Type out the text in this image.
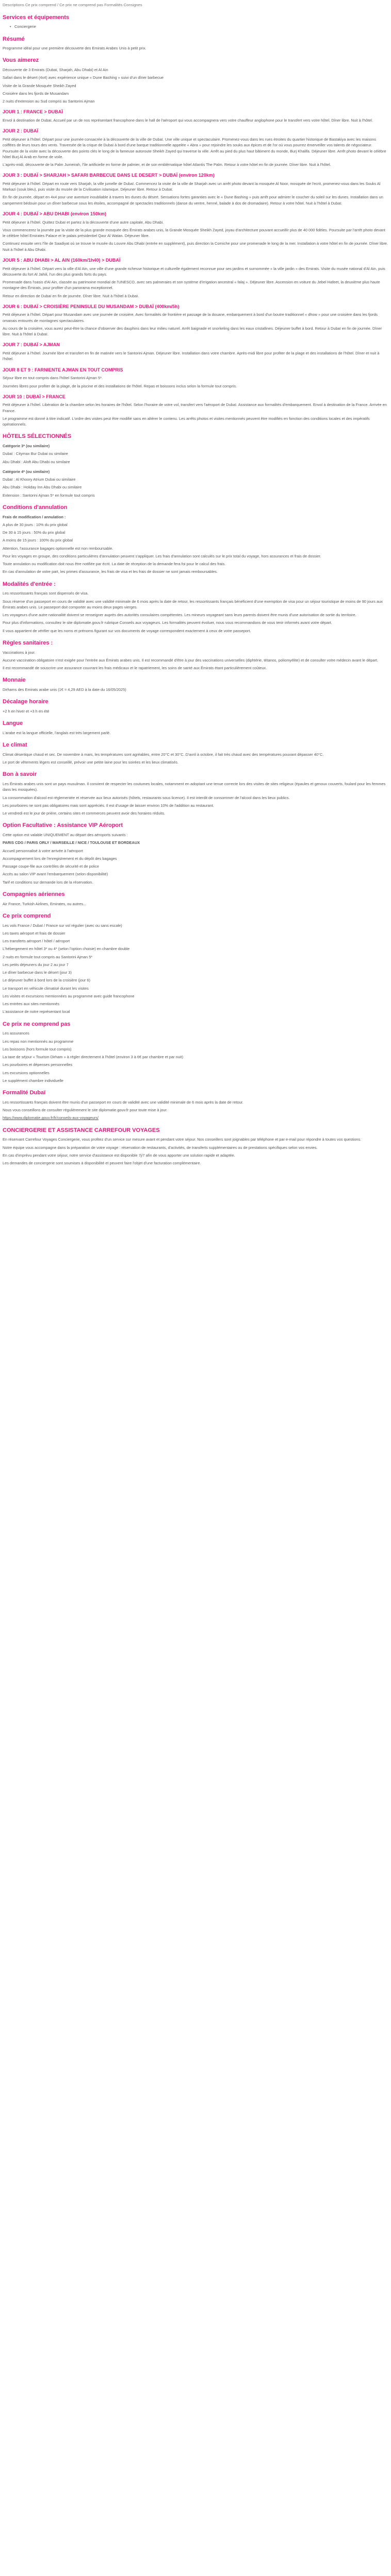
Descriptions Ce prix comprend / Ce prix ne comprend pas Formalités Consignes
Services et équipements
• Conciergerie
Résumé

Programme idéal pour une première découverte des Emirats Arabes Unis à petit prix.

Vous aimerez

Découverte de 3 Emirats (Dubaï, Sharjah, Abu Dhabi) et Al Ain

Safari dans le désert (4x4) avec expérience unique « Dune Bashing » suivi d'un dîner barbecue

Visite de la Grande Mosquée Sheikh Zayed

Croisière dans les fjords de Musandam

2 nuits d'extension au Sud compris au Santorini Ajman

JOUR 1 : FRANCE > DUBAÏ

Envol à destination de Dubaï. Accueil par un de nos représentant francophone dans le hall de l'aéroport qui vous accompagnera vers votre chauffeur anglophone pour le transfert vers votre hôtel. Dîner libre. Nuit à l'hôtel.

JOUR 2 : DUBAÏ

Petit déjeuner à l'hôtel. Départ pour une journée consacrée à la découverte de la ville de Dubaï. Une ville unique et spectaculaire. Promenez-vous dans les rues étroites du quartier historique de Bastakiya avec les maisons coiffées de leurs tours des vents. Traversée de la crique de Dubaï à bord d'une barque traditionnelle appelée « Abra » pour rejoindre les souks aux épices et de l'or où vous pourrez émerveiller vos talents de négociateur. Poursuite de la visite avec la découverte des points clés le long de la fameuse autoroute Sheikh Zayed qui traverse la ville. Arrêt au pied du plus haut bâtiment du monde, Burj Khalifa. Déjeuner libre. Arrêt photo devant le célèbre hôtel Burj Al Arab en forme de voile.

L'après-midi, découverte de la Palm Jumeirah, l'île artificielle en forme de palmier, et de son emblématique hôtel Atlantis The Palm. Retour à votre hôtel en fin de journée. Dîner libre. Nuit à l'hôtel.

JOUR 3 : DUBAÏ > SHARJAH > SAFARI BARBECUE DANS LE DESERT > DUBAÏ (environ 120km)

Petit déjeuner à l'hôtel. Départ en route vers Sharjah, la ville jumelle de Dubaï. Commencez la visite de la ville de Sharjah avec un arrêt photo devant la mosquée Al Noor, mosquée de l'ecrit, promenez-vous dans les Souks Al Markazi (souk bleu), puis visite du musée de la Civilisation islamique. Déjeuner libre. Retour à Dubaï.

En fin de journée, départ en 4x4 pour une aventure inoubliable à travers les dunes du désert. Sensations fortes garanties avec le « Dune Bashing » puis arrêt pour admirer le coucher du soleil sur les dunes. Installation dans un campement bédouin pour un dîner barbecue sous les étoiles, accompagné de spectacles traditionnels (danse du ventre, henné, balade à dos de dromadaire). Retour à votre hôtel. Nuit à l'hôtel à Dubaï.

JOUR 4 : DUBAÏ > ABU DHABI (environ 150km)

Petit déjeuner à l'hôtel. Quittez Dubaï et partez à la découverte d'une autre capitale, Abu Dhabi.

Vous commencerez la journée par la visite de la plus grande mosquée des Émirats arabes unis, la Grande Mosquée Sheikh Zayed, joyau d'architecture pouvant accueillir plus de 40 000 fidèles. Poursuite par l'arrêt photo devant le célèbre hôtel Emirates Palace et le palais présidentiel Qasr Al Watan. Déjeuner libre.

Continuez ensuite vers l'île de Saadiyat où se trouve le musée du Louvre Abu Dhabi (entrée en supplément), puis direction la Corniche pour une promenade le long de la mer. Installation à votre hôtel en fin de journée. Dîner libre. Nuit à l'hôtel à Abu Dhabi.

JOUR 5 : ABU DHABI > AL AIN (160km/1h40) > DUBAÏ

Petit déjeuner à l'hôtel. Départ vers la ville d'Al Ain, une ville d'une grande richesse historique et culturelle également reconnue pour ses jardins et surnommée « la ville jardin » des Emirats. Visite du musée national d'Al Ain, puis découverte du fort Al Jahili, l'un des plus grands forts du pays.

Promenade dans l'oasis d'Al Ain, classée au patrimoine mondial de l'UNESCO, avec ses palmeraies et son système d'irrigation ancestral « falaj ». Déjeuner libre. Ascension en voiture du Jebel Hafeet, la deuxième plus haute montagne des Émirats, pour profiter d'un panorama exceptionnel.

Retour en direction de Dubaï en fin de journée. Dîner libre. Nuit à l'hôtel à Dubaï.

JOUR 6 : DUBAÏ > CROISIÈRE PENINSULE DU MUSANDAM > DUBAÏ (400km/5h)

Petit déjeuner à l'hôtel. Départ pour Musandam avec une journée de croisière. Avec formalités de frontière et passage de la douane, embarquement à bord d'un boutre traditionnel « dhow » pour une croisière dans les fjords omanais entourés de montagnes spectaculaires.

Au cours de la croisière, vous aurez peut-être la chance d'observer des dauphins dans leur milieu naturel. Arrêt baignade et snorkeling dans les eaux cristallines. Déjeuner buffet à bord. Retour à Dubaï en fin de journée. Dîner libre. Nuit à l'hôtel à Dubaï.

JOUR 7 : DUBAÏ > AJMAN

Petit déjeuner à l'hôtel. Journée libre et transfert en fin de matinée vers le Santorini Ajman. Déjeuner libre. Installation dans votre chambre. Après-midi libre pour profiter de la plage et des installations de l'hôtel. Dîner et nuit à l'hôtel.

JOUR 8 ET 9 : FARNIENTE AJMAN EN TOUT COMPRIS

Séjour libre en tout compris dans l'hôtel Santorini Ajman 5*.

Journées libres pour profiter de la plage, de la piscine et des installations de l'hôtel. Repas et boissons inclus selon la formule tout compris.

JOUR 10 : DUBAÏ > FRANCE

Petit déjeuner à l'hôtel. Libération de la chambre selon les horaires de l'hôtel. Selon l'horaire de votre vol, transfert vers l'aéroport de Dubaï. Assistance aux formalités d'embarquement. Envol à destination de la France. Arrivée en France.

Le programme est donné à titre indicatif. L'ordre des visites peut être modifié sans en altérer le contenu. Les arrêts photos et visites mentionnés peuvent être modifiés en fonction des conditions locales et des impératifs opérationnels.

HÔTELS SÉLECTIONNÉS

Catégorie 3* (ou similaire)

Dubaï : Citymax Bur Dubai ou similaire

Abu Dhabi : Aloft Abu Dhabi ou similaire

Catégorie 4* (ou similaire)

Dubaï : Al Khoory Atrium Dubai ou similaire

Abu Dhabi : Holiday Inn Abu Dhabi ou similaire

Extension : Santorini Ajman 5* en formule tout compris

Conditions d'annulation

Frais de modification / annulation :

A plus de 30 jours : 10% du prix global

De 30 à 15 jours : 50% du prix global

A moins de 15 jours : 100% du prix global

Attention, l'assurance bagages optionnelle est non remboursable.

Pour les voyages en groupe, des conditions particulières d'annulation peuvent s'appliquer. Les frais d'annulation sont calculés sur le prix total du voyage, hors assurances et frais de dossier.

Toute annulation ou modification doit nous être notifiée par écrit. La date de réception de la demande fera foi pour le calcul des frais.

En cas d'annulation de votre part, les primes d'assurance, les frais de visa et les frais de dossier ne sont jamais remboursables.

Modalités d'entrée :

Les ressortissants français sont dispensés de visa.

Sous réserve d'un passeport en cours de validité avec une validité minimale de 6 mois après la date de retour, les ressortissants français bénéficient d'une exemption de visa pour un séjour touristique de moins de 90 jours aux Émirats arabes unis. Le passeport doit comporter au moins deux pages vierges.

Les voyageurs d'une autre nationalité doivent se renseigner auprès des autorités consulaires compétentes. Les mineurs voyageant sans leurs parents doivent être munis d'une autorisation de sortie du territoire.

Pour plus d'informations, consultez le site diplomatie.gouv.fr rubrique Conseils aux voyageurs. Les formalités peuvent évoluer, nous vous recommandons de vous tenir informés avant votre départ.

Il vous appartient de vérifier que les noms et prénoms figurant sur vos documents de voyage correspondent exactement à ceux de votre passeport.

Règles sanitaires :

Vaccinations à jour.

Aucune vaccination obligatoire n'est exigée pour l'entrée aux Émirats arabes unis. Il est recommandé d'être à jour des vaccinations universelles (diphtérie, tétanos, poliomyélite) et de consulter votre médecin avant le départ.

Il est recommandé de souscrire une assurance couvrant les frais médicaux et le rapatriement, les soins de santé aux Émirats étant particulièrement coûteux.

Monnaie

Dirhams des Emirats arabe unis (1€ = 4,29 AED à la date du 16/05/2025)

Décalage horaire

+2 h en hiver et +3 h en été

Langue

L'arabe est la langue officielle, l'anglais est très largement parlé.

Le climat

Climat désertique chaud et sec. De novembre à mars, les températures sont agréables, entre 20°C et 30°C. D'avril à octobre, il fait très chaud avec des températures pouvant dépasser 40°C.

Le port de vêtements légers est conseillé, prévoir une petite laine pour les soirées et les lieux climatisés.

Bon à savoir

Les Émirats arabes unis sont un pays musulman. Il convient de respecter les coutumes locales, notamment en adoptant une tenue correcte lors des visites de sites religieux (épaules et genoux couverts, foulard pour les femmes dans les mosquées).

La consommation d'alcool est réglementée et réservée aux lieux autorisés (hôtels, restaurants sous licence). Il est interdit de consommer de l'alcool dans les lieux publics.

Les pourboires ne sont pas obligatoires mais sont appréciés. Il est d'usage de laisser environ 10% de l'addition au restaurant.

Le vendredi est le jour de prière, certains sites et commerces peuvent avoir des horaires réduits.

Option Facultative : Assistance VIP Aéroport

Cette option est valable UNIQUEMENT au départ des aéroports suivants :

PARIS CDG / PARIS ORLY / MARSEILLE / NICE / TOULOUSE ET BORDEAUX

Accueil personnalisé à votre arrivée à l'aéroport

Accompagnement lors de l'enregistrement et du dépôt des bagages

Passage coupe-file aux contrôles de sécurité et de police

Accès au salon VIP avant l'embarquement (selon disponibilité)

Tarif et conditions sur demande lors de la réservation.

Compagnies aériennes

Air France, Turkish Airlines, Emirates, ou autres...

Ce prix comprend

Les vols France / Dubaï / France sur vol régulier (avec ou sans escale)

Les taxes aéroport et frais de dossier

Les transferts aéroport / hôtel / aéroport

L'hébergement en hôtel 3* ou 4* (selon l'option choisie) en chambre double

2 nuits en formule tout compris au Santorini Ajman 5*

Les petits déjeuners du jour 2 au jour 7

Le dîner barbecue dans le désert (jour 3)

Le déjeuner buffet à bord lors de la croisière (jour 6)

Le transport en véhicule climatisé durant les visites

Les visites et excursions mentionnées au programme avec guide francophone

Les entrées aux sites mentionnés

L'assistance de notre représentant local

Ce prix ne comprend pas

Les assurances

Les repas non mentionnés au programme

Les boissons (hors formule tout compris)

La taxe de séjour « Tourism Dirham » à régler directement à l'hôtel (environ 3 à 6€ par chambre et par nuit)

Les pourboires et dépenses personnelles

Les excursions optionnelles

Le supplément chambre individuelle

Formalité Dubaï

Les ressortissants français doivent être munis d'un passeport en cours de validité avec une validité minimale de 6 mois après la date de retour.

Nous vous conseillons de consulter régulièrement le site diplomatie.gouv.fr pour toute mise à jour.

https://www.diplomatie.gouv.fr/fr/conseils-aux-voyageurs/

CONCIERGERIE ET ASSISTANCE CARREFOUR VOYAGES

En réservant Carrefour Voyages Conciergerie, vous profitez d'un service sur mesure avant et pendant votre séjour. Nos conseillers sont joignables par téléphone et par e-mail pour répondre à toutes vos questions.

Notre équipe vous accompagne dans la préparation de votre voyage : réservation de restaurants, d'activités, de transferts supplémentaires ou de prestations spécifiques selon vos envies.

En cas d'imprévu pendant votre séjour, notre service d'assistance est disponible 7j/7 afin de vous apporter une solution rapide et adaptée.

Les demandes de conciergerie sont soumises à disponibilité et peuvent faire l'objet d'une facturation complémentaire.
